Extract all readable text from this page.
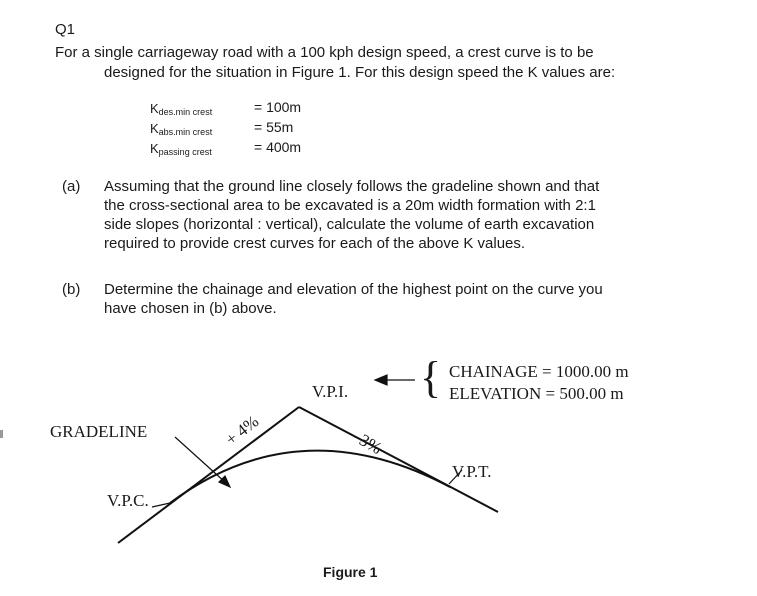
Q1
For a single carriageway road with a 100 kph design speed, a crest curve is to be
designed for the situation in Figure 1. For this design speed the K values are:
$K_{des.min crest}$	= 100m
$K_{abs.min crest}$	= 55m
$K_{passing crest}$	= 400m
(a) Assuming that the ground line closely follows the gradeline shown and that
the cross-sectional area to be excavated is a 20m width formation with 2:1
side slopes (horizontal : vertical), calculate the volume of earth excavation
required to provide crest curves for each of the above K values.
(b) Determine the chainage and elevation of the highest point on the curve you
have chosen in (b) above.
V.P.I. { CHAINAGE = 1000.00 m
ELEVATION = 500.00 m
GRADELINE
V.P.C.
V.P.T.
+ 4%	- 3%
Figure 1
